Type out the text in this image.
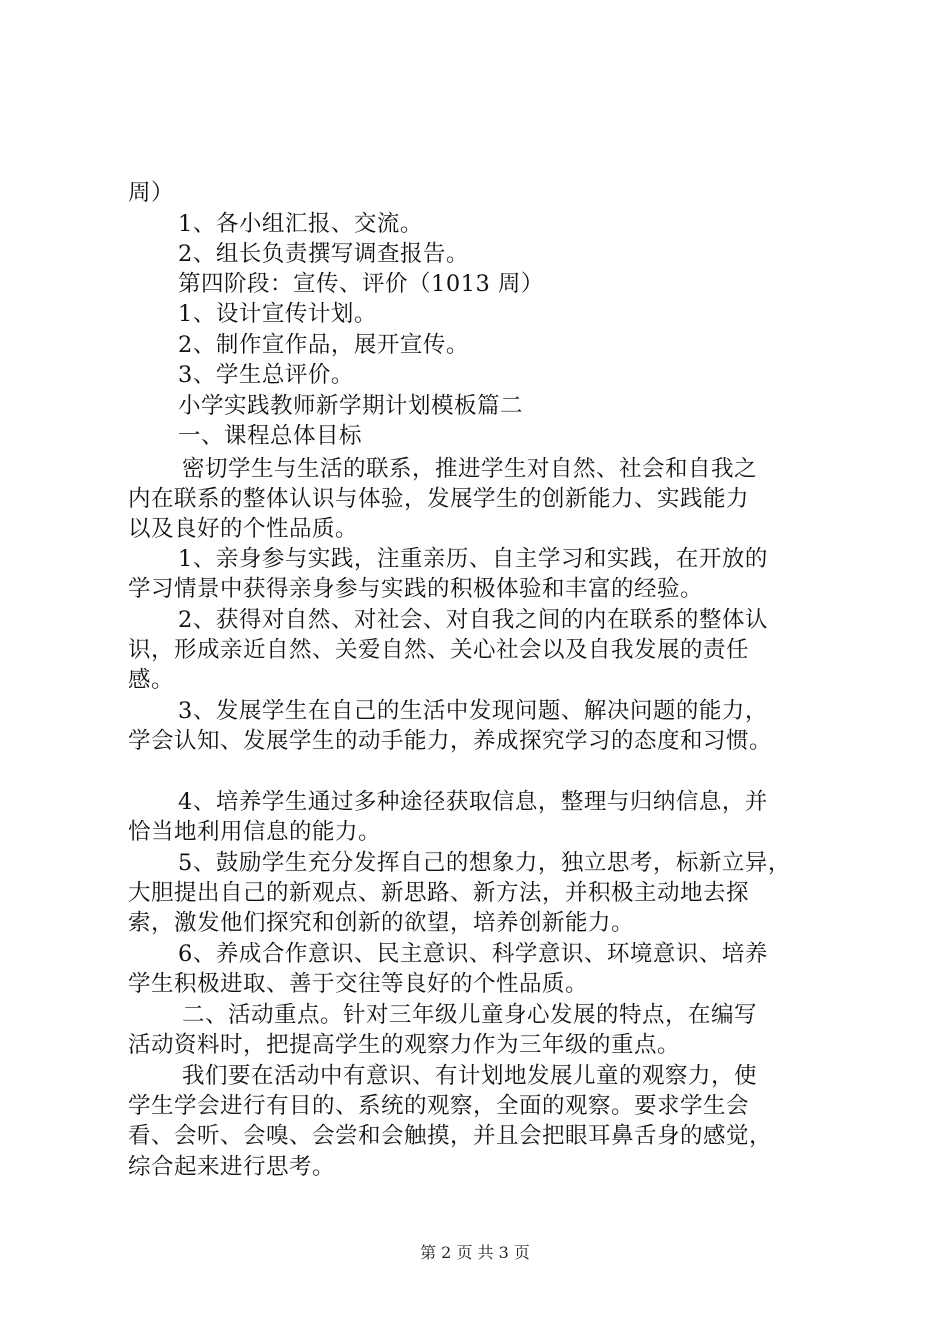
周）
1、各小组汇报、交流。
2、组长负责撰写调查报告。
第四阶段：宣传、评价（1013 周）
1、设计宣传计划。
2、制作宣作品，展开宣传。
3、学生总评价。
小学实践教师新学期计划模板篇二
一、课程总体目标
密切学生与生活的联系，推进学生对自然、社会和自我之
内在联系的整体认识与体验，发展学生的创新能力、实践能力
以及良好的个性品质。
1、亲身参与实践，注重亲历、自主学习和实践，在开放的
学习情景中获得亲身参与实践的积极体验和丰富的经验。
2、获得对自然、对社会、对自我之间的内在联系的整体认
识，形成亲近自然、关爱自然、关心社会以及自我发展的责任
感。
3、发展学生在自己的生活中发现问题、解决问题的能力，
学会认知、发展学生的动手能力，养成探究学习的态度和习惯。
4、培养学生通过多种途径获取信息，整理与归纳信息，并
恰当地利用信息的能力。
5、鼓励学生充分发挥自己的想象力，独立思考，标新立异，
大胆提出自己的新观点、新思路、新方法，并积极主动地去探
索，激发他们探究和创新的欲望，培养创新能力。
6、养成合作意识、民主意识、科学意识、环境意识、培养
学生积极进取、善于交往等良好的个性品质。
二、活动重点。针对三年级儿童身心发展的特点，在编写
活动资料时，把提高学生的观察力作为三年级的重点。
我们要在活动中有意识、有计划地发展儿童的观察力，使
学生学会进行有目的、系统的观察，全面的观察。要求学生会
看、会听、会嗅、会尝和会触摸，并且会把眼耳鼻舌身的感觉，
综合起来进行思考。
第 2 页 共 3 页
